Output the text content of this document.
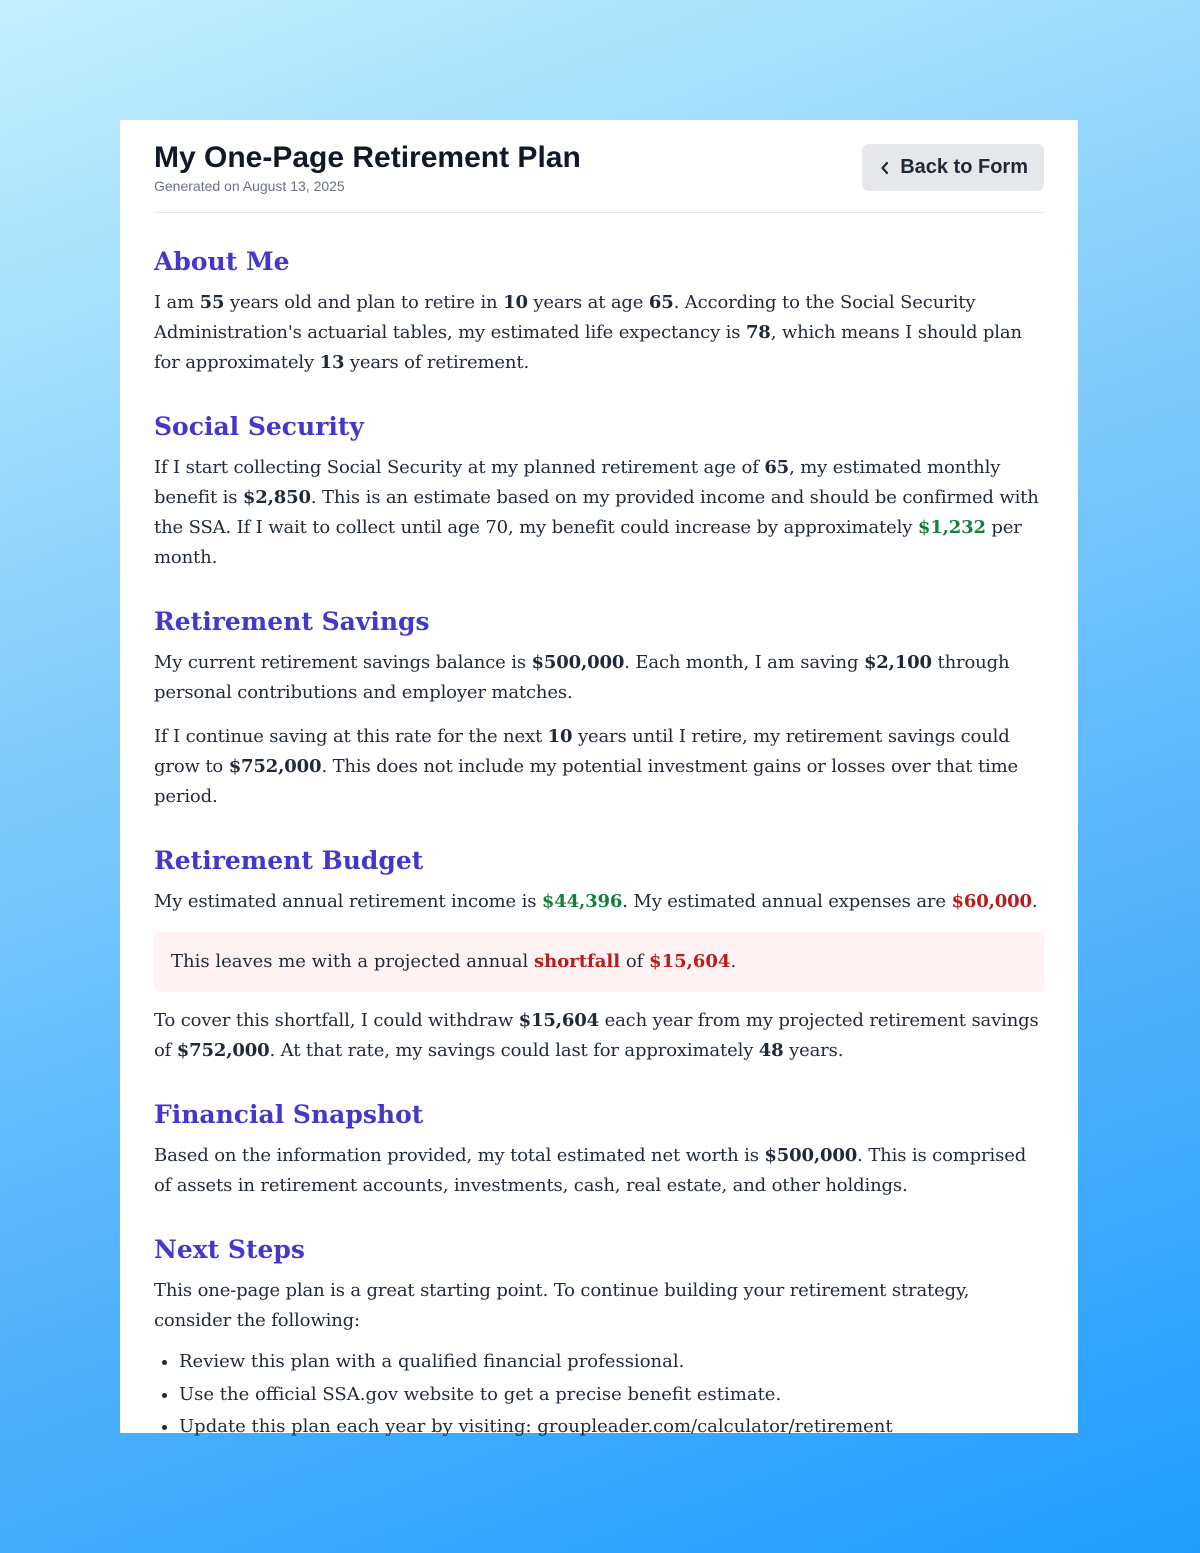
My One-Page Retirement Plan
Generated on August 13, 2025
Back to Form
About Me

I am 55 years old and plan to retire in 10 years at age 65. According to the Social Security Administration's actuarial tables, my estimated life expectancy is 78, which means I should plan for approximately 13 years of retirement.

Social Security

If I start collecting Social Security at my planned retirement age of 65, my estimated monthly benefit is $2,850. This is an estimate based on my provided income and should be confirmed with the SSA. If I wait to collect until age 70, my benefit could increase by approximately $1,232 per month.

Retirement Savings

My current retirement savings balance is $500,000. Each month, I am saving $2,100 through personal contributions and employer matches.

If I continue saving at this rate for the next 10 years until I retire, my retirement savings could grow to $752,000. This does not include my potential investment gains or losses over that time period.

Retirement Budget

My estimated annual retirement income is $44,396. My estimated annual expenses are $60,000.

This leaves me with a projected annual shortfall of $15,604.

To cover this shortfall, I could withdraw $15,604 each year from my projected retirement savings of $752,000. At that rate, my savings could last for approximately 48 years.

Financial Snapshot

Based on the information provided, my total estimated net worth is $500,000. This is comprised of assets in retirement accounts, investments, cash, real estate, and other holdings.

Next Steps

This one-page plan is a great starting point. To continue building your retirement strategy, consider the following:

• Review this plan with a qualified financial professional.
• Use the official SSA.gov website to get a precise benefit estimate.
• Update this plan each year by visiting: groupleader.com/calculator/retirement
